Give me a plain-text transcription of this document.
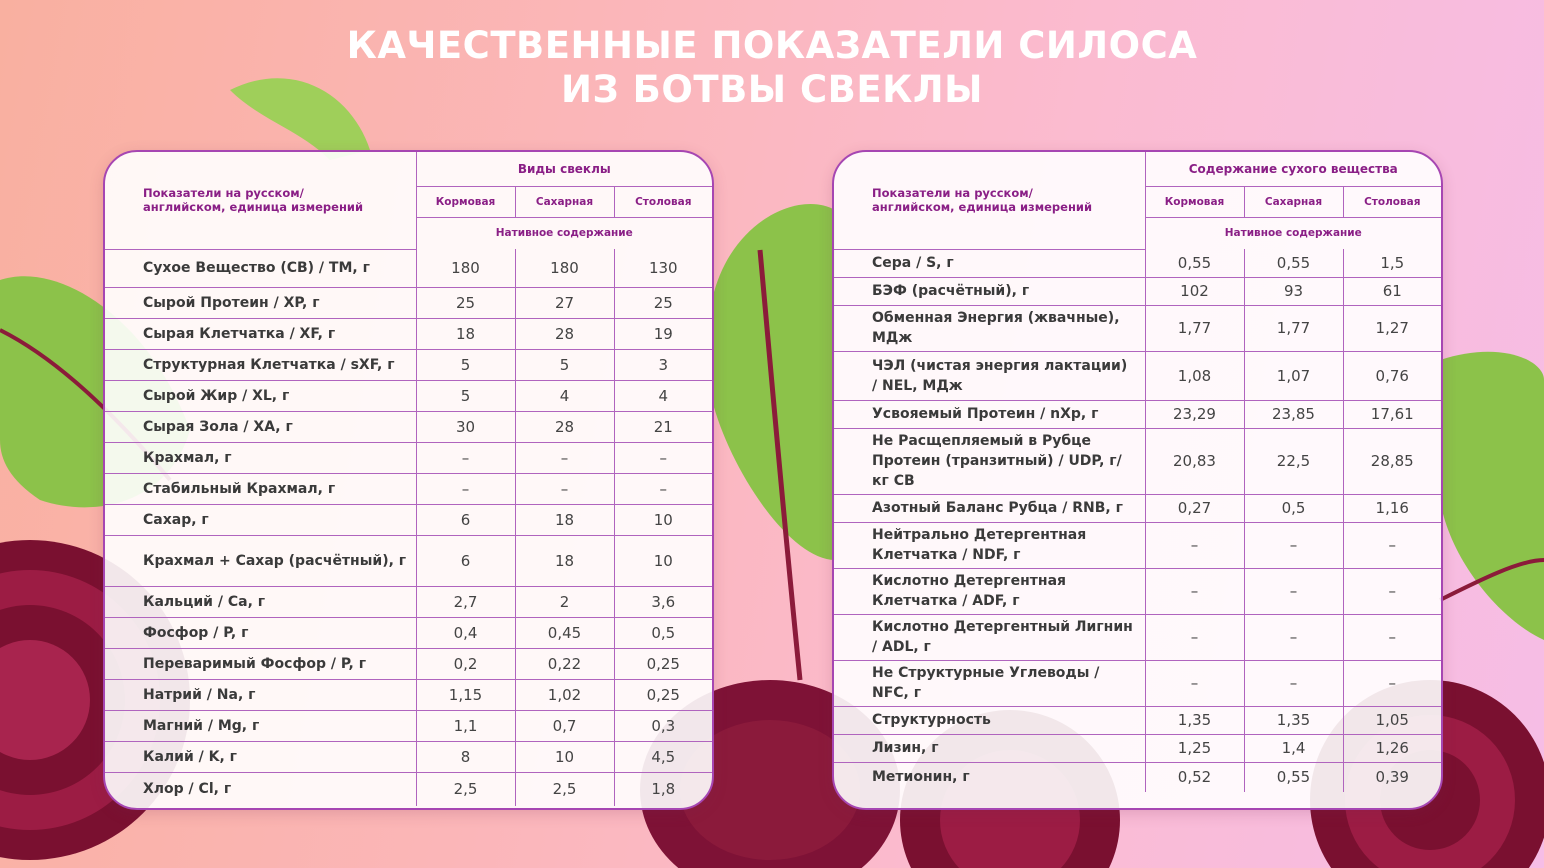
КАЧЕСТВЕННЫЕ ПОКАЗАТЕЛИ СИЛОСА
ИЗ БОТВЫ СВЕКЛЫ
Показатели на русском/английском, единица измерений	Виды свеклы		
	Кормовая	Сахарная	Столовая
	Нативное содержание		
Сухое Вещество (СВ) / TM, г	180	180	130
Сырой Протеин / XP, г	25	27	25
Сырая Клетчатка / XF, г	18	28	19
Структурная Клетчатка / sXF, г	5	5	3
Сырой Жир / XL, г	5	4	4
Сырая Зола / XA, г	30	28	21
Крахмал, г	–	–	–
Стабильный Крахмал, г	–	–	–
Сахар, г	6	18	10
Крахмал + Сахар (расчётный), г	6	18	10
Кальций / Ca, г	2,7	2	3,6
Фосфор / P, г	0,4	0,45	0,5
Переваримый Фосфор / P, г	0,2	0,22	0,25
Натрий / Na, г	1,15	1,02	0,25
Магний / Mg, г	1,1	0,7	0,3
Калий / K, г	8	10	4,5
Хлор / Cl, г	2,5	2,5	1,8
Показатели на русском/английском, единица измерений	Содержание сухого вещества		
	Кормовая	Сахарная	Столовая
	Нативное содержание		
Сера / S, г	0,55	0,55	1,5
БЭФ (расчётный), г	102	93	61
Обменная Энергия (жвачные), МДж	1,77	1,77	1,27
ЧЭЛ (чистая энергия лактации) / NEL, МДж	1,08	1,07	0,76
Усвояемый Протеин / nXp, г	23,29	23,85	17,61
Не Расщепляемый в Рубце Протеин (транзитный) / UDP, г/кг СВ	20,83	22,5	28,85
Азотный Баланс Рубца / RNB, г	0,27	0,5	1,16
Нейтрально Детергентная Клетчатка / NDF, г	–	–	–
Кислотно Детергентная Клетчатка / ADF, г	–	–	–
Кислотно Детергентный Лигнин / ADL, г	–	–	–
Не Структурные Углеводы / NFC, г	–	–	–
Структурность	1,35	1,35	1,05
Лизин, г	1,25	1,4	1,26
Метионин, г	0,52	0,55	0,39
